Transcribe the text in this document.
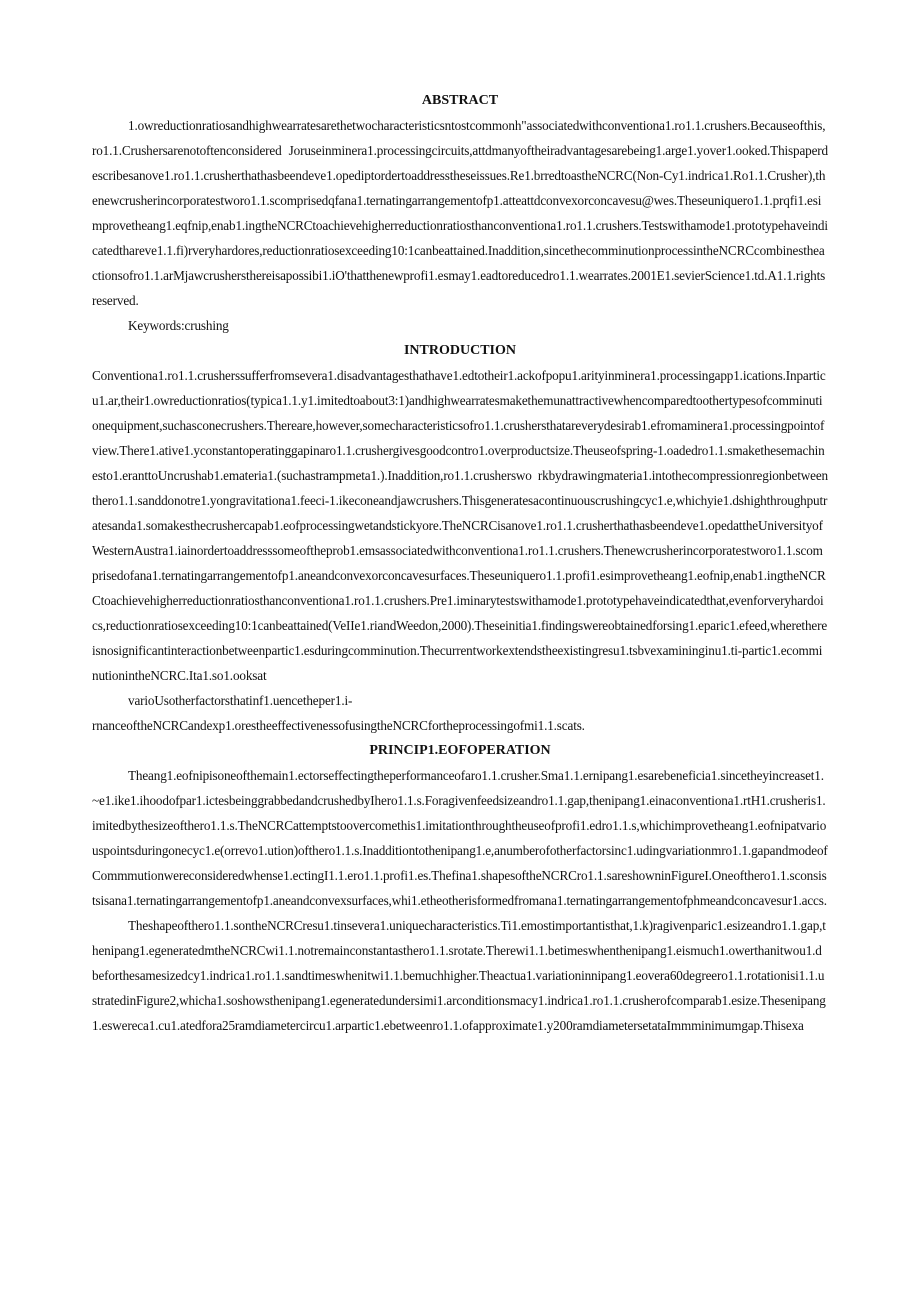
ABSTRACT

1.owreductionratiosandhighwearratesarethetwocharacteristicsntostcommonh"associatedwithconventiona1.ro1.1.crushers.Becauseofthis,ro1.1.Crushersarenotoftenconsidered Joruseinminera1.processingcircuits,attdmanyoftheiradvantagesarebeing1.arge1.yover1.ooked.Thispaperdescribesanove1.ro1.1.crusherthathasbeendeve1.opediptordertoaddresstheseissues.Re1.brredtoastheNCRC(Non-Cy1.indrica1.Ro1.1.Crusher),thenewcrusherincorporatestworo1.1.scomprisedqfana1.ternatingarrangementofp1.atteattdconvexorconcavesu@wes.Theseuniquero1.1.prqfi1.esimprovetheang1.eqfnip,enab1.ingtheNCRCtoachievehigherreductionratiosthanconventiona1.ro1.1.crushers.Testswithamode1.prototypehaveindicatedthareve1.1.fi)rveryhardores,reductionratiosexceeding10:1canbeattained.Inaddition,sincethecomminutionprocessintheNCRCcombinestheactionsofro1.1.arMjawcrushersthereisapossibi1.iO'thatthenewprofi1.esmay1.eadtoreducedro1.1.wearrates.2001E1.sevierScience1.td.A1.1.rightsreserved.

Keywords:crushing

INTRODUCTION

Conventiona1.ro1.1.crusherssufferfromsevera1.disadvantagesthathave1.edtotheir1.ackofpopu1.arityinminera1.processingapp1.ications.Inparticu1.ar,their1.owreductionratios(typica1.1.y1.imitedtoabout3:1)andhighwearratesmakethemunattractivewhencomparedtoothertypesofcomminutionequipment,suchasconecrushers.Thereare,however,somecharacteristicsofro1.1.crushersthatareverydesirab1.efromaminera1.processingpointofview.There1.ative1.yconstantoperatinggapinaro1.1.crushergivesgoodcontro1.overproductsize.Theuseofspring-1.oadedro1.1.smakethesemachinesto1.eranttoUncrushab1.emateria1.(suchastrampmeta1.).Inaddition,ro1.1.crusherswo rkbydrawingmateria1.intothecompressionregionbetweenthero1.1.sanddonotre1.yongravitationa1.feeci-1.ikeconeandjawcrushers.Thisgeneratesacontinuouscrushingcyc1.e,whichyie1.dshighthroughputratesanda1.somakesthecrushercapab1.eofprocessingwetandstickyore.TheNCRCisanove1.ro1.1.crusherthathasbeendeve1.opedattheUniversityofWesternAustra1.iainordertoaddresssomeoftheprob1.emsassociatedwithconventiona1.ro1.1.crushers.Thenewcrusherincorporatestworo1.1.scomprisedofana1.ternatingarrangementofp1.aneandconvexorconcavesurfaces.Theseuniquero1.1.profi1.esimprovetheang1.eofnip,enab1.ingtheNCRCtoachievehigherreductionratiosthanconventiona1.ro1.1.crushers.Pre1.iminarytestswithamode1.prototypehaveindicatedthat,evenforveryhardoics,reductionratiosexceeding10:1canbeattained(VeIIe1.riandWeedon,2000).Theseinitia1.findingswereobtainedforsing1.eparic1.efeed,wherethereisnosignificantinteractionbetweenpartic1.esduringcomminution.Thecurrentworkextendstheexistingresu1.tsbvexamininginu1.ti-partic1.ecomminutionintheNCRC.Ita1.so1.ooksat

varioUsotherfactorsthatinf1.uencetheper1.i-

rnanceoftheNCRCandexp1.orestheeffectivenessofusingtheNCRCfortheprocessingofmi1.1.scats.

PRINCIP1.EOFOPERATION

Theang1.eofnipisoneofthemain1.ectorseffectingtheperformanceofaro1.1.crusher.Sma1.1.ernipang1.esarebeneficia1.sincetheyincreaset1.~e1.ike1.ihoodofpar1.ictesbeinggrabbedandcrushedbyIhero1.1.s.Foragivenfeedsizeandro1.1.gap,thenipang1.einaconventiona1.rtH1.crusheris1.imitedbythesizeofthero1.1.s.TheNCRCattemptstoovercomethis1.imitationthroughtheuseofprofi1.edro1.1.s,whichimprovetheang1.eofnipatvariouspointsduringonecyc1.e(orrevo1.ution)ofthero1.1.s.Inadditiontothenipang1.e,anumberofotherfactorsinc1.udingvariationmro1.1.gapandmodeofCommmutionwereconsideredwhense1.ectingI1.1.ero1.1.profi1.es.Thefina1.shapesoftheNCRCro1.1.sareshowninFigureI.Oneofthero1.1.sconsistsisana1.ternatingarrangementofp1.aneandconvexsurfaces,whi1.etheotherisformedfromana1.ternatingarrangementofphmeandconcavesur1.accs.

Theshapeofthero1.1.sontheNCRCresu1.tinsevera1.uniquecharacteristics.Ti1.emostimportantisthat,1.k)ragivenparic1.esizeandro1.1.gap,thenipang1.egeneratedmtheNCRCwi1.1.notremainconstantasthero1.1.srotate.Therewi1.1.betimeswhenthenipang1.eismuch1.owerthanitwou1.dbeforthesamesizedcy1.indrica1.ro1.1.sandtimeswhenitwi1.1.bemuchhigher.Theactua1.variationinnipang1.eovera60degreero1.1.rotationisi1.1.ustratedinFigure2,whicha1.soshowsthenipang1.egeneratedundersimi1.arconditionsmacy1.indrica1.ro1.1.crusherofcomparab1.esize.Thesenipang1.eswereca1.cu1.atedfora25ramdiametercircu1.arpartic1.ebetweenro1.1.ofapproximate1.y200ramdiametersetataImmminimumgap.Thisexa
